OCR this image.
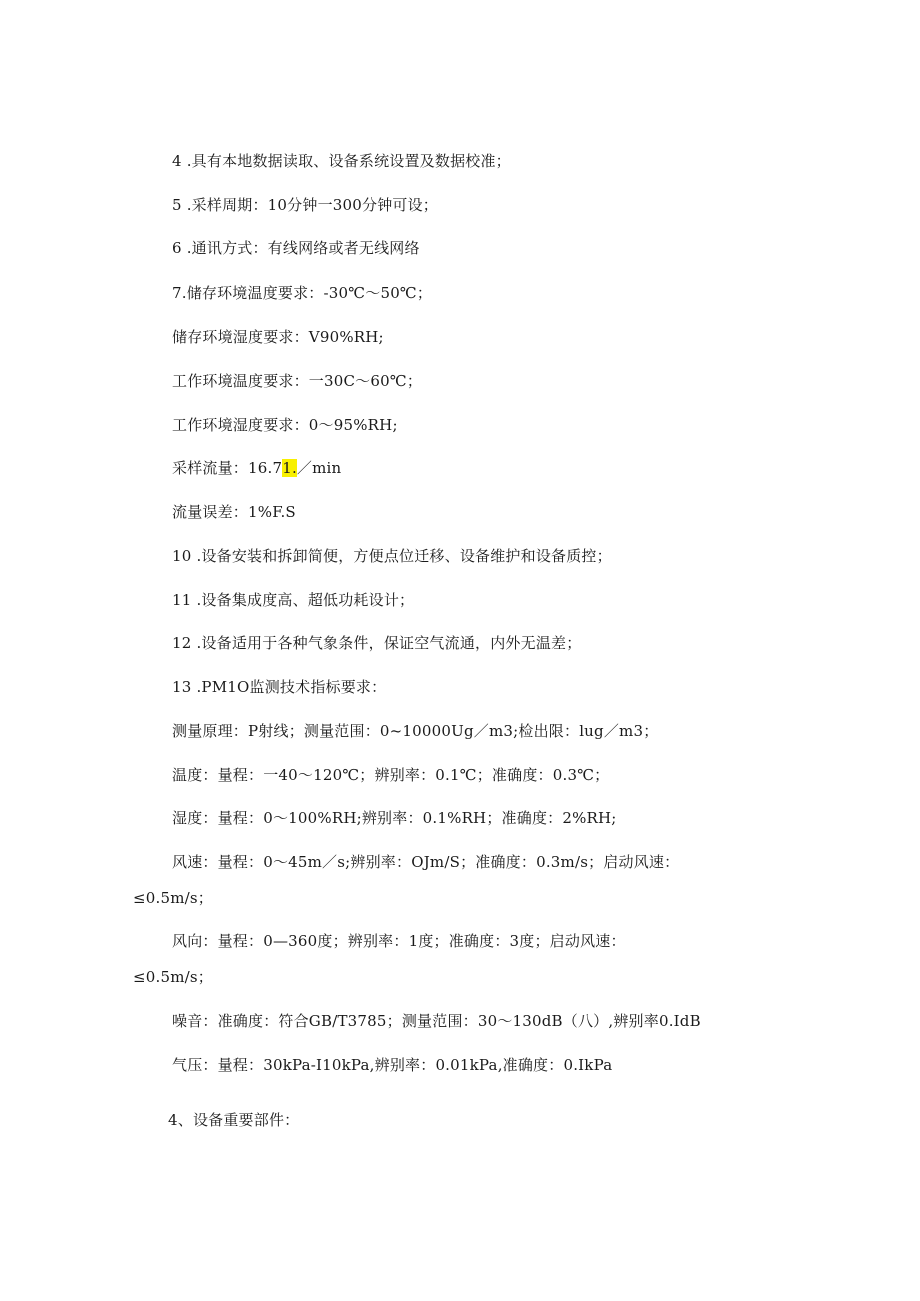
4 .具有本地数据读取、设备系统设置及数据校准；
5 .采样周期：10分钟一300分钟可设；
6 .通讯方式：有线网络或者无线网络
7.储存环境温度要求：-30℃～50℃；
储存环境湿度要求：V90%RH;
工作环境温度要求：一30C～60℃；
工作环境湿度要求：0～95%RH;
采样流量：16.71.／min
流量误差：1%F.S
10 .设备安装和拆卸简便，方便点位迁移、设备维护和设备质控；
11 .设备集成度高、超低功耗设计；
12 .设备适用于各种气象条件，保证空气流通，内外无温差；
13 .PM1O监测技术指标要求：
测量原理：P射线；测量范围：0~10000Ug／m3;检出限：lug／m3；
温度：量程：一40～120℃；辨别率：0.1℃；准确度：0.3℃；
湿度：量程：0～100%RH;辨别率：0.1%RH；准确度：2%RH;
风速：量程：0～45m／s;辨别率：OJm/S；准确度：0.3m/s；启动风速：
≤0.5m/s；
风向：量程：0—360度；辨别率：1度；准确度：3度；启动风速：
≤0.5m/s；
噪音：准确度：符合GB/T3785；测量范围：30～130dB（八）,辨别率0.IdB
气压：量程：30kPa-I10kPa,辨别率：0.01kPa,准确度：0.IkPa
4、设备重要部件：
